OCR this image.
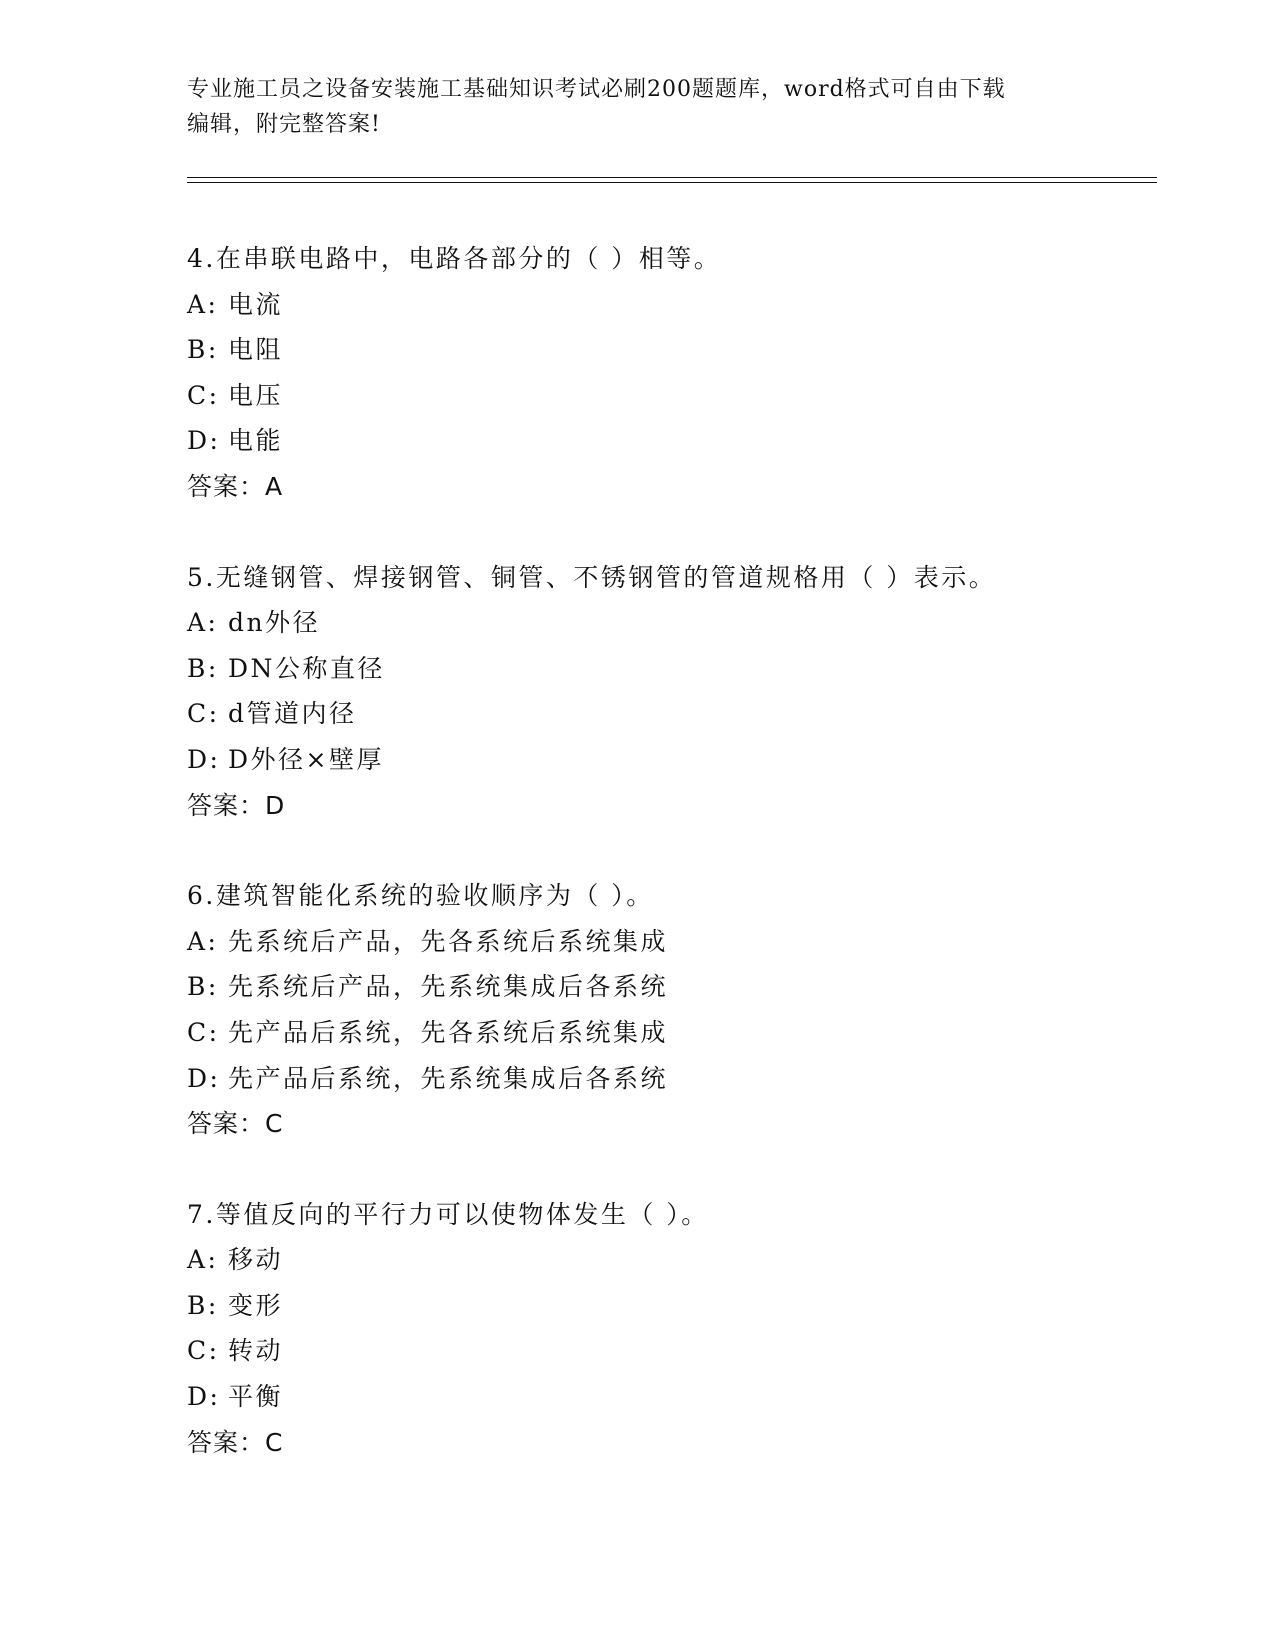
专业施工员之设备安装施工基础知识考试必刷200题题库，word格式可自由下载
编辑，附完整答案!
4.在串联电路中，电路各部分的（ ）相等。
A: 电流
B: 电阻
C: 电压
D: 电能
答案：A
5.无缝钢管、焊接钢管、铜管、不锈钢管的管道规格用（ ）表示。
A: dn外径
B: DN公称直径
C: d管道内径
D: D外径×壁厚
答案：D
6.建筑智能化系统的验收顺序为（ ）。
A: 先系统后产品，先各系统后系统集成
B: 先系统后产品，先系统集成后各系统
C: 先产品后系统，先各系统后系统集成
D: 先产品后系统，先系统集成后各系统
答案：C
7.等值反向的平行力可以使物体发生（ ）。
A: 移动
B: 变形
C: 转动
D: 平衡
答案：C
